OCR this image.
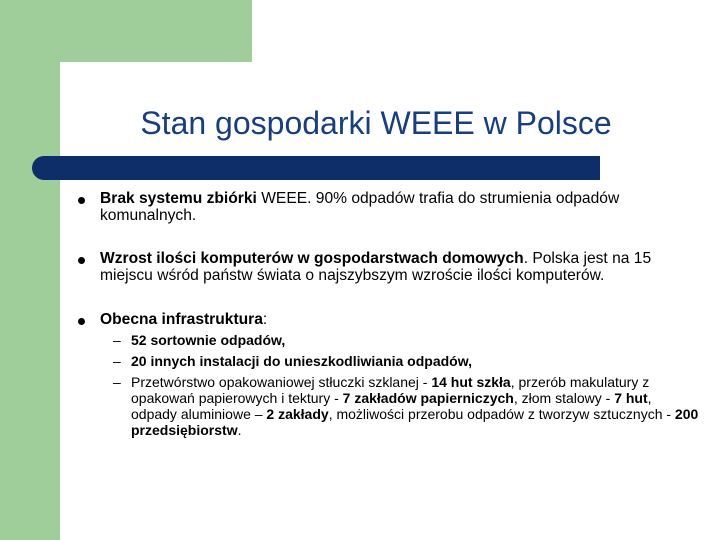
Stan gospodarki WEEE w Polsce
Brak systemu zbiórki WEEE. 90% odpadów trafia do strumienia odpadów komunalnych.
Wzrost ilości komputerów w gospodarstwach domowych. Polska jest na 15 miejscu wśród państw świata o najszybszym wzroście ilości komputerów.
Obecna infrastruktura:
– 52 sortownie odpadów,
– 20 innych instalacji do unieszkodliwiania odpadów,
– Przetwórstwo opakowaniowej stłuczki szklanej - 14 hut szkła, przerób makulatury z opakowań papierowych i tektury - 7 zakładów papierniczych, złom stalowy - 7 hut, odpady aluminiowe – 2 zakłady, możliwości przerobu odpadów z tworzyw sztucznych - 200 przedsiębiorstw.
